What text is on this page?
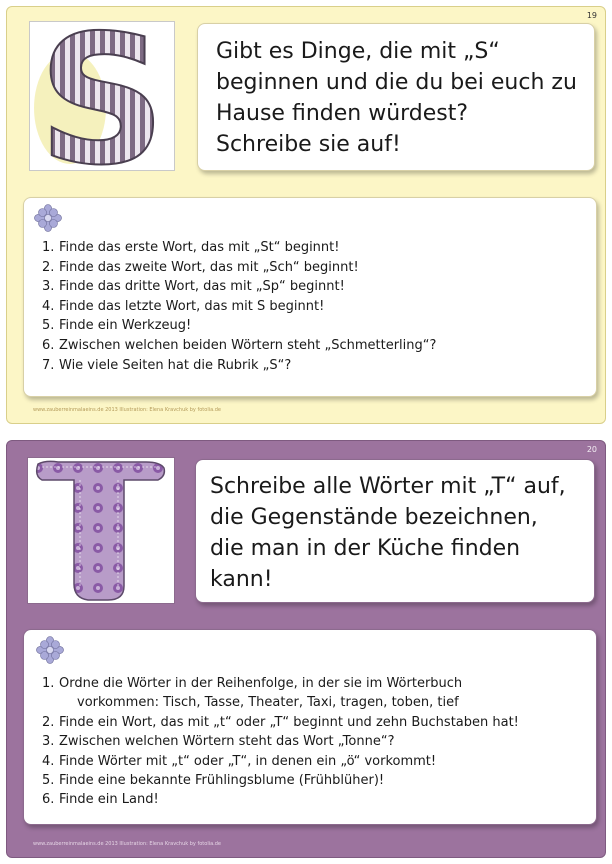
19
S Gibt es Dinge, die mit „S“
beginnen und die du bei euch zu
Hause finden würdest?
Schreibe sie auf!
1. Finde das erste Wort, das mit „St“ beginnt!
2. Finde das zweite Wort, das mit „Sch“ beginnt!
3. Finde das dritte Wort, das mit „Sp“ beginnt!
4. Finde das letzte Wort, das mit S beginnt!
5. Finde ein Werkzeug!
6. Zwischen welchen beiden Wörtern steht „Schmetterling“?
7. Wie viele Seiten hat die Rubrik „S“?
www.zauberreinmalaeins.de 2013 Illustration: Elena Kravchuk by fotolia.de
20
Schreibe alle Wörter mit „T“ auf,
die Gegenstände bezeichnen,
die man in der Küche finden
kann!
1. Ordne die Wörter in der Reihenfolge, in der sie im Wörterbuch
vorkommen: Tisch, Tasse, Theater, Taxi, tragen, toben, tief
2. Finde ein Wort, das mit „t“ oder „T“ beginnt und zehn Buchstaben hat!
3. Zwischen welchen Wörtern steht das Wort „Tonne“?
4. Finde Wörter mit „t“ oder „T“, in denen ein „ö“ vorkommt!
5. Finde eine bekannte Frühlingsblume (Frühblüher)!
6. Finde ein Land!
www.zauberreinmalaeins.de 2013 Illustration: Elena Kravchuk by fotolia.de
